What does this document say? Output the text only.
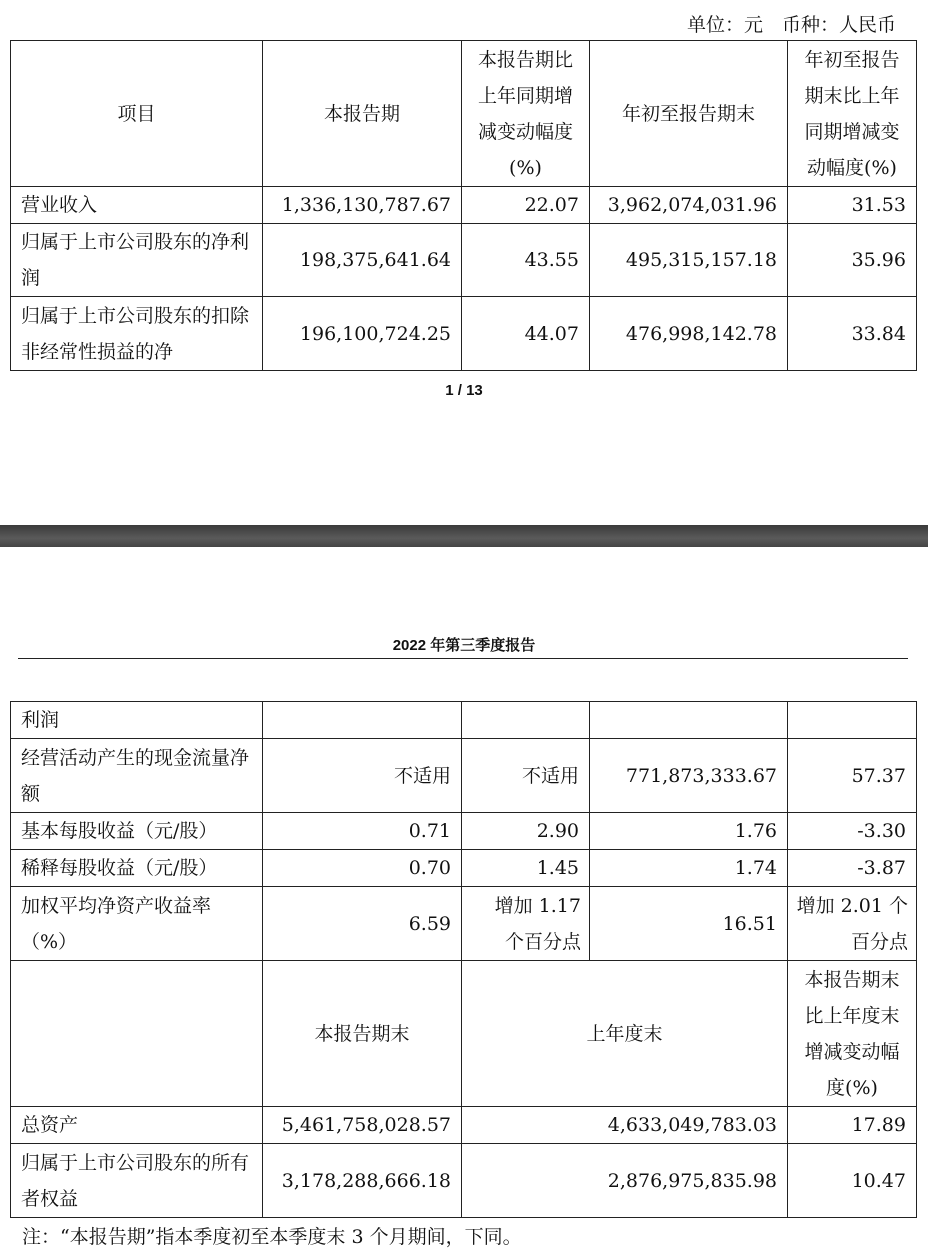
单位：元　币种：人民币
项目	本报告期	本报告期比上年同期增减变动幅度(%)	年初至报告期末	年初至报告期末比上年同期增减变动幅度(%)
营业收入	1,336,130,787.67	22.07	3,962,074,031.96	31.53
归属于上市公司股东的净利润	198,375,641.64	43.55	495,315,157.18	35.96

归属于上市公司股东的扣除非经常性损益的净	196,100,724.25	44.07	476,998,142.78	33.84
1 / 13
2022 年第三季度报告
利润				
经营活动产生的现金流量净额	不适用	不适用	771,873,333.67	57.37
基本每股收益（元/股）	0.71	2.90	1.76	-3.30
稀释每股收益（元/股）	0.70	1.45	1.74	-3.87
加权平均净资产收益率（%）	6.59	增加 1.17 个百分点	16.51	增加 2.01 个百分点
	本报告期末	上年度末		本报告期末比上年度末增减变动幅度(%)
总资产	5,461,758,028.57	4,633,049,783.03		17.89
归属于上市公司股东的所有者权益	3,178,288,666.18	2,876,975,835.98		10.47
注：“本报告期”指本季度初至本季度末 3 个月期间，下同。
